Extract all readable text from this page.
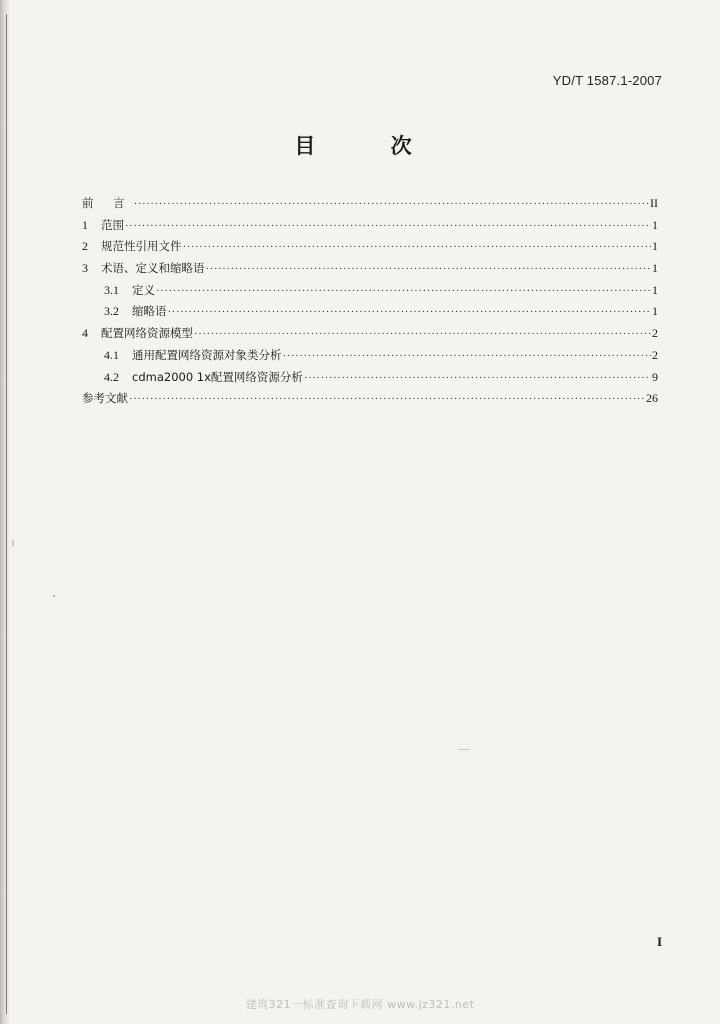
YD/T 1587.1-2007
目 次
前 言 ·····	II
1	范围 ·····	1
2	规范性引用文件 ·····	1
3	术语、定义和缩略语 ·····	1
3.1	定义 ·····	1
3.2	缩略语 ·····	1
4	配置网络资源模型 ·····	2
4.1	通用配置网络资源对象类分析 ·····	2
4.2	cdma2000 1x配置网络资源分析 ·····	9
参考文献 ·····	26
I
建筑321一标准查询下载网 www.jz321.net
